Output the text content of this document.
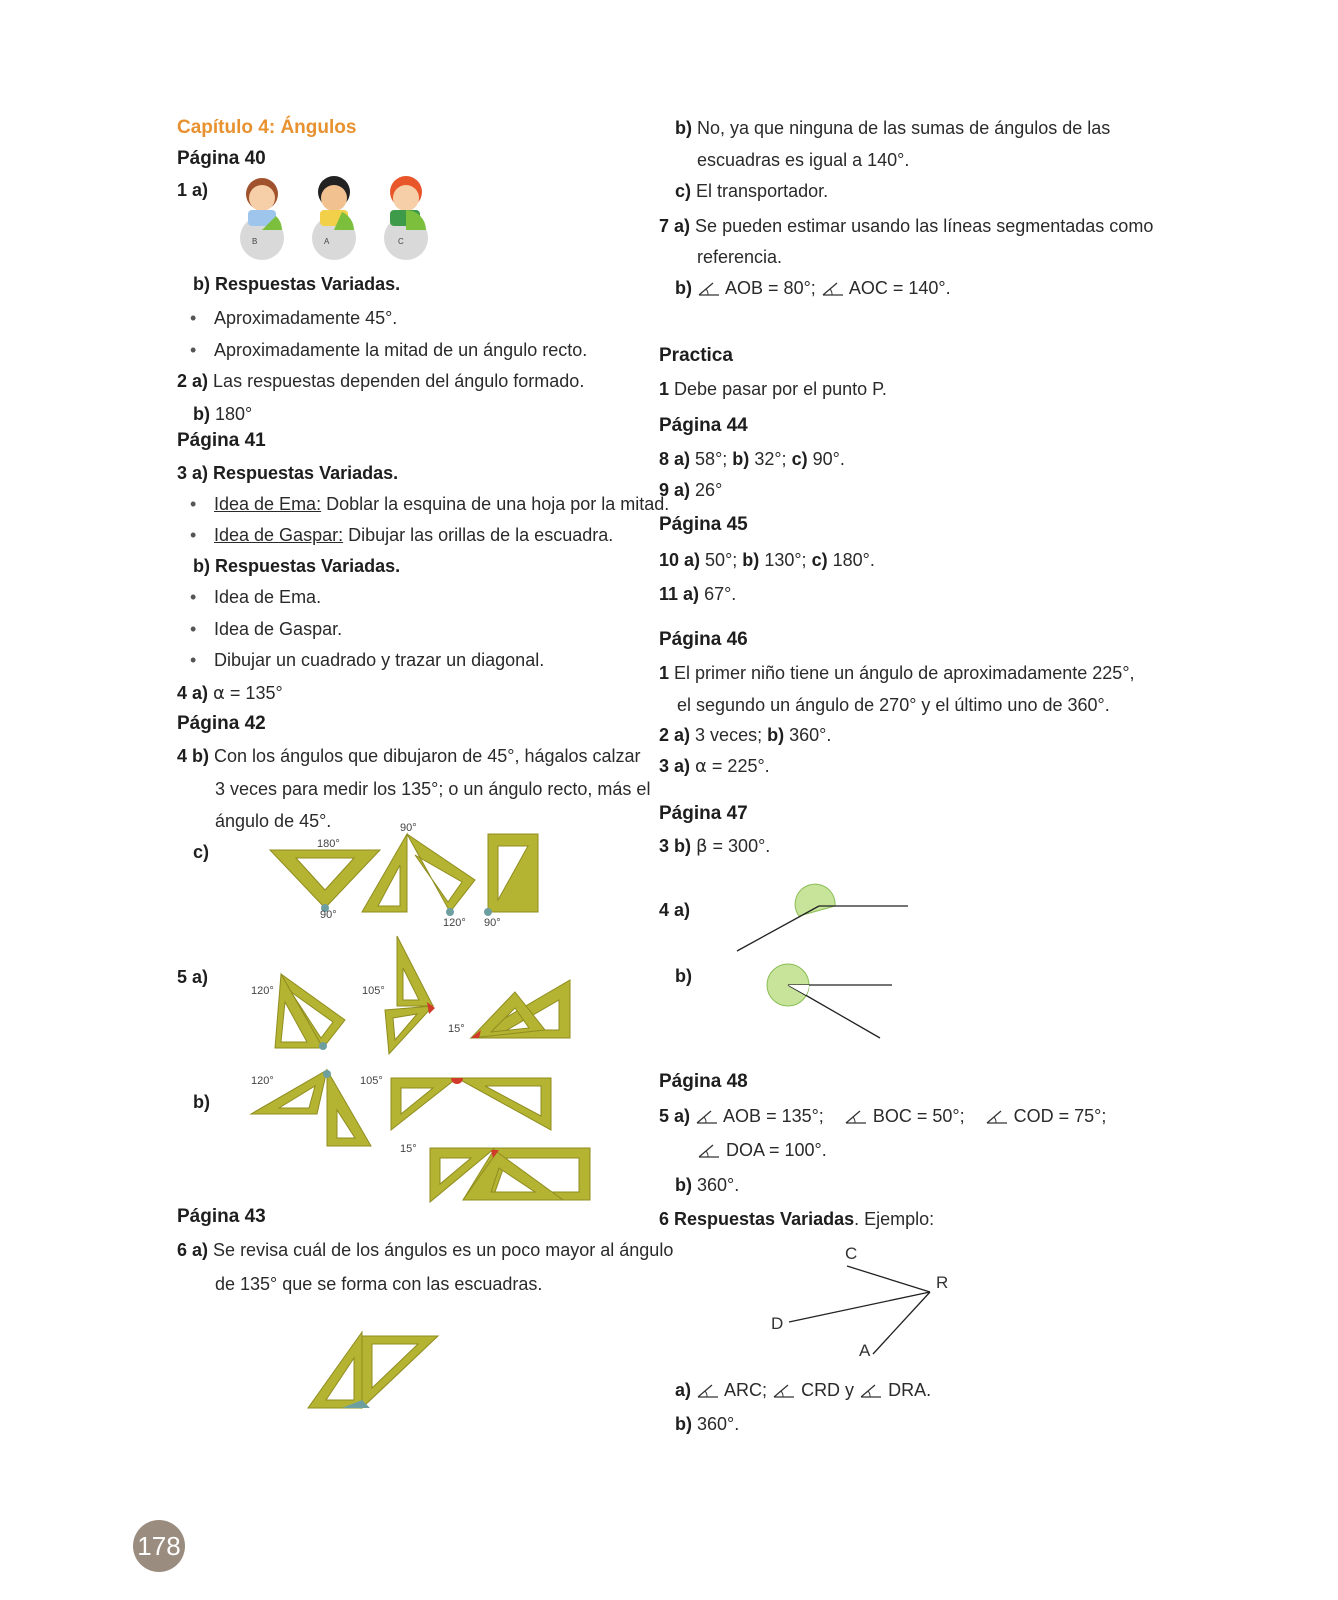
Capítulo 4: Ángulos
Página 40
1 a)
B	A	C
b) Respuestas Variadas.
• Aproximadamente 45°.
• Aproximadamente la mitad de un ángulo recto.
2 a) Las respuestas dependen del ángulo formado.
b) 180°
Página 41
3 a) Respuestas Variadas.
• Idea de Ema: Doblar la esquina de una hoja por la mitad.
• Idea de Gaspar: Dibujar las orillas de la escuadra.
b) Respuestas Variadas.
• Idea de Ema.
• Idea de Gaspar.
• Dibujar un cuadrado y trazar un diagonal.
4 a) α = 135°
Página 42
4 b) Con los ángulos que dibujaron de 45°, hágalos calzar
3 veces para medir los 135°; o un ángulo recto, más el
ángulo de 45°.
c)	180°
90°
90°
120° 90°
5 a)
120°	105°
15°
b)
120°	105°
15°
Página 43
6 a) Se revisa cuál de los ángulos es un poco mayor al ángulo
de 135° que se forma con las escuadras.
b) No, ya que ninguna de las sumas de ángulos de las
escuadras es igual a 140°.
c) El transportador.
7 a) Se pueden estimar usando las líneas segmentadas como
referencia.
b) AOB = 80°; AOC = 140°.
Practica
1 Debe pasar por el punto P.
Página 44
8 a) 58°; b) 32°; c) 90°.
9 a) 26°
Página 45
10 a) 50°; b) 130°; c) 180°.
11 a) 67°.
Página 46
1 El primer niño tiene un ángulo de aproximadamente 225°,
el segundo un ángulo de 270° y el último uno de 360°.
2 a) 3 veces; b) 360°.
3 a) α = 225°.
Página 47
3 b) β = 300°.
4 a)
b)
Página 48
5 a)  AOB = 135°;     BOC = 50°;     COD = 75°;
DOA = 100°.
b) 360°.
6 Respuestas Variadas. Ejemplo:
C
R
D
A
a)  ARC;  CRD y  DRA.
b) 360°.
178
